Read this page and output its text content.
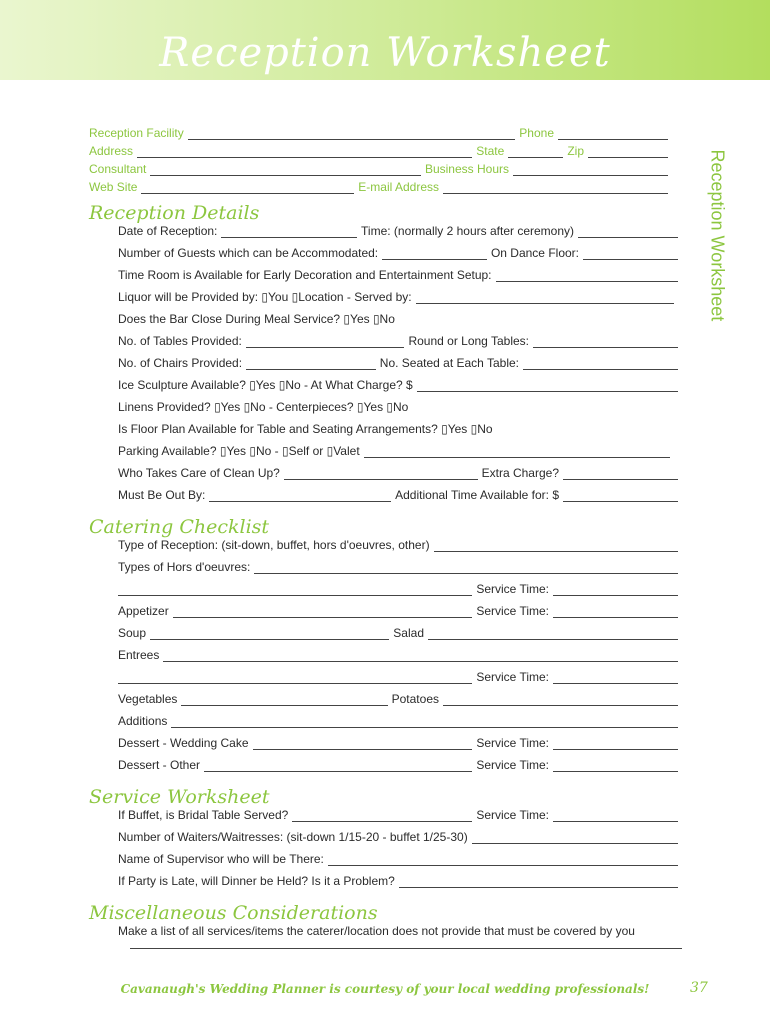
Reception Worksheet
Reception Worksheet
Reception Facility	Phone
Address	State	Zip
Consultant	Business Hours
Web Site	E-mail Address
Reception Details
Date of Reception:	Time: (normally 2 hours after ceremony)
Number of Guests which can be Accommodated:	On Dance Floor:
Time Room is Available for Early Decoration and Entertainment Setup:
Liquor will be Provided by: ▯You ▯Location - Served by:
Does the Bar Close During Meal Service? ▯Yes ▯No
No. of Tables Provided:	Round or Long Tables:
No. of Chairs Provided:	No. Seated at Each Table:
Ice Sculpture Available? ▯Yes ▯No - At What Charge? $
Linens Provided? ▯Yes ▯No - Centerpieces? ▯Yes ▯No
Is Floor Plan Available for Table and Seating Arrangements? ▯Yes ▯No
Parking Available? ▯Yes ▯No - ▯Self or ▯Valet
Who Takes Care of Clean Up?	Extra Charge?
Must Be Out By:	Additional Time Available for: $
Catering Checklist
Type of Reception: (sit-down, buffet, hors d'oeuvres, other)
Types of Hors d'oeuvres:
Service Time:
Appetizer	Service Time:
Soup	Salad
Entrees
Service Time:
Vegetables	Potatoes
Additions
Dessert - Wedding Cake	Service Time:
Dessert - Other	Service Time:
Service Worksheet
If Buffet, is Bridal Table Served?	Service Time:
Number of Waiters/Waitresses: (sit-down 1/15-20 - buffet 1/25-30)
Name of Supervisor who will be There:
If Party is Late, will Dinner be Held? Is it a Problem?
Miscellaneous Considerations
Make a list of all services/items the caterer/location does not provide that must be covered by you
Cavanaugh's Wedding Planner is courtesy of your local wedding professionals!	37
